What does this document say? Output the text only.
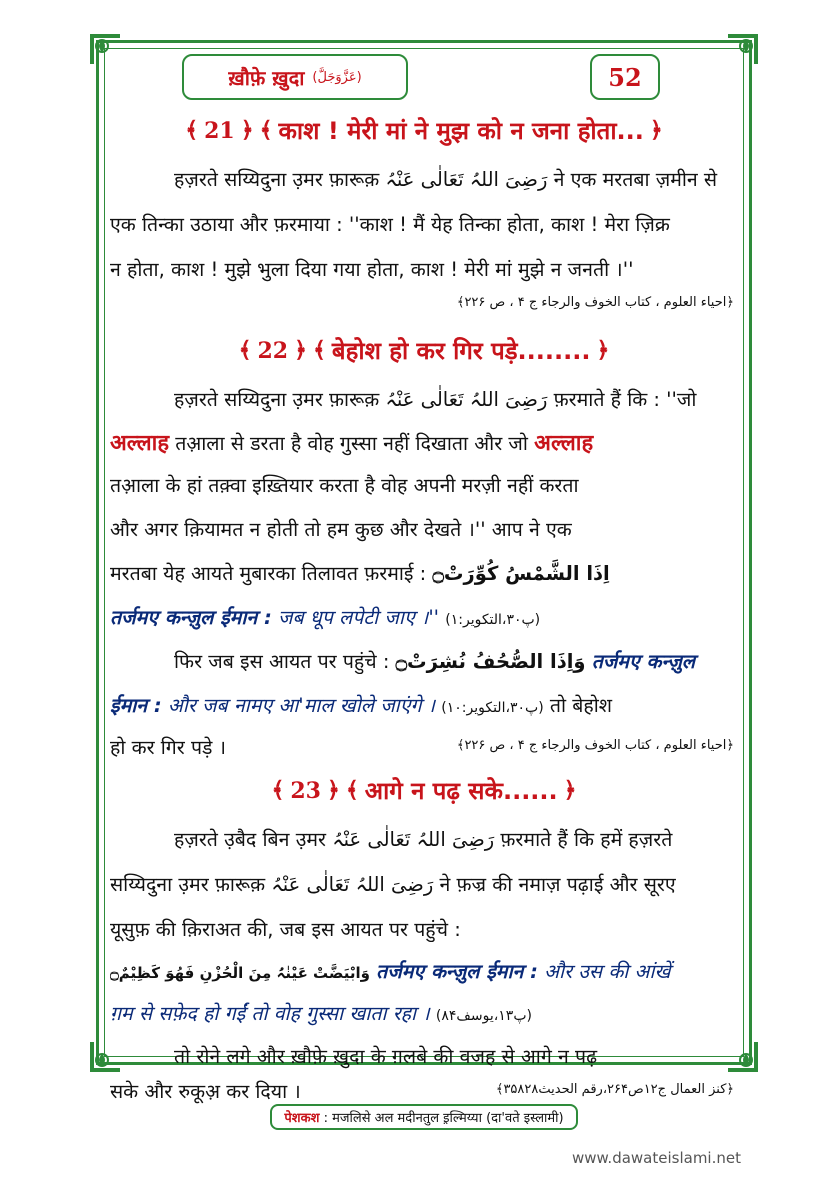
ख़ौफ़े ख़ुदा (عَزَّوَجَلَّ)	52
﴾ 21 ﴿ ﴾ काश ! मेरी मां ने मुझ को न जना होता... ﴿
हज़रते सय्यिदुना उ़मर फ़ारूक़ رَضِیَ اللہُ تَعَالٰی عَنْہُ ने एक मरतबा ज़मीन से
एक तिन्का उठाया और फ़रमाया : ''काश ! मैं येह तिन्का होता, काश ! मेरा ज़िक्र
न होता, काश ! मुझे भुला दिया गया होता, काश ! मेरी मां मुझे न जनती ।''
﴿احیاء العلوم ، کتاب الخوف والرجاء ج ۴ ، ص ۲۲۶﴾
﴾ 22 ﴿ ﴾ बेहोश हो कर गिर पड़े........ ﴿
हज़रते सय्यिदुना उ़मर फ़ारूक़ رَضِیَ اللہُ تَعَالٰی عَنْہُ फ़रमाते हैं कि : ''जो
अल्लाह तआ़ला से डरता है वोह गुस्सा नहीं दिखाता और जो अल्लाह
तआ़ला के हां तक़्वा इख़्तियार करता है वोह अपनी मरज़ी नहीं करता
और अगर क़ियामत न होती तो हम कुछ और देखते ।'' आप ने एक
मरतबा येह आयते मुबारका तिलावत फ़रमाई : اِذَا الشَّمْسُ کُوِّرَتْ۝
तर्जमए कन्ज़ुल ईमान : जब धूप लपेटी जाए ।'' (پ۳۰،التکویر:۱)
फिर जब इस आयत पर पहुंचे : وَاِذَا الصُّحُفُ نُشِرَتْ۝ तर्जमए कन्ज़ुल
ईमान : और जब नामए आ'माल खोले जाएंगे । (پ۳۰،التکویر:۱۰) तो बेहोश
हो कर गिर पड़े ।	﴿احیاء العلوم ، کتاب الخوف والرجاء ج ۴ ، ص ۲۲۶﴾
﴾ 23 ﴿ ﴾ आगे न पढ़ सके...... ﴿
हज़रते उ़बैद बिन उ़मर رَضِیَ اللہُ تَعَالٰی عَنْہُ फ़रमाते हैं कि हमें हज़रते
सय्यिदुना उ़मर फ़ारूक़ رَضِیَ اللہُ تَعَالٰی عَنْہُ ने फ़ज्र की नमाज़ पढ़ाई और सूरए
यूसुफ़ की क़िराअत की, जब इस आयत पर पहुंचे :
وَابْیَضَّتْ عَیْنٰہُ مِنَ الْحُزْنِ فَھُوَ کَظِیْمٌ۝ तर्जमए कन्ज़ुल ईमान : और उस की आंखें
ग़म से सफ़ेद हो गईं तो वोह गुस्सा खाता रहा । (پ۱۳،یوسف۸۴)
तो रोने लगे और ख़ौफ़े ख़ुदा के ग़लबे की वजह से आगे न पढ़
सके और रुकूअ़ कर दिया ।	﴿کنز العمال ج۱۲ص۲۶۴،رقم الحدیث۳۵۸۲۸﴾
पेशकश : मजलिसे अल मदीनतुल इ़ल्मिय्या (दा'वते इस्लामी)
www.dawateislami.net
